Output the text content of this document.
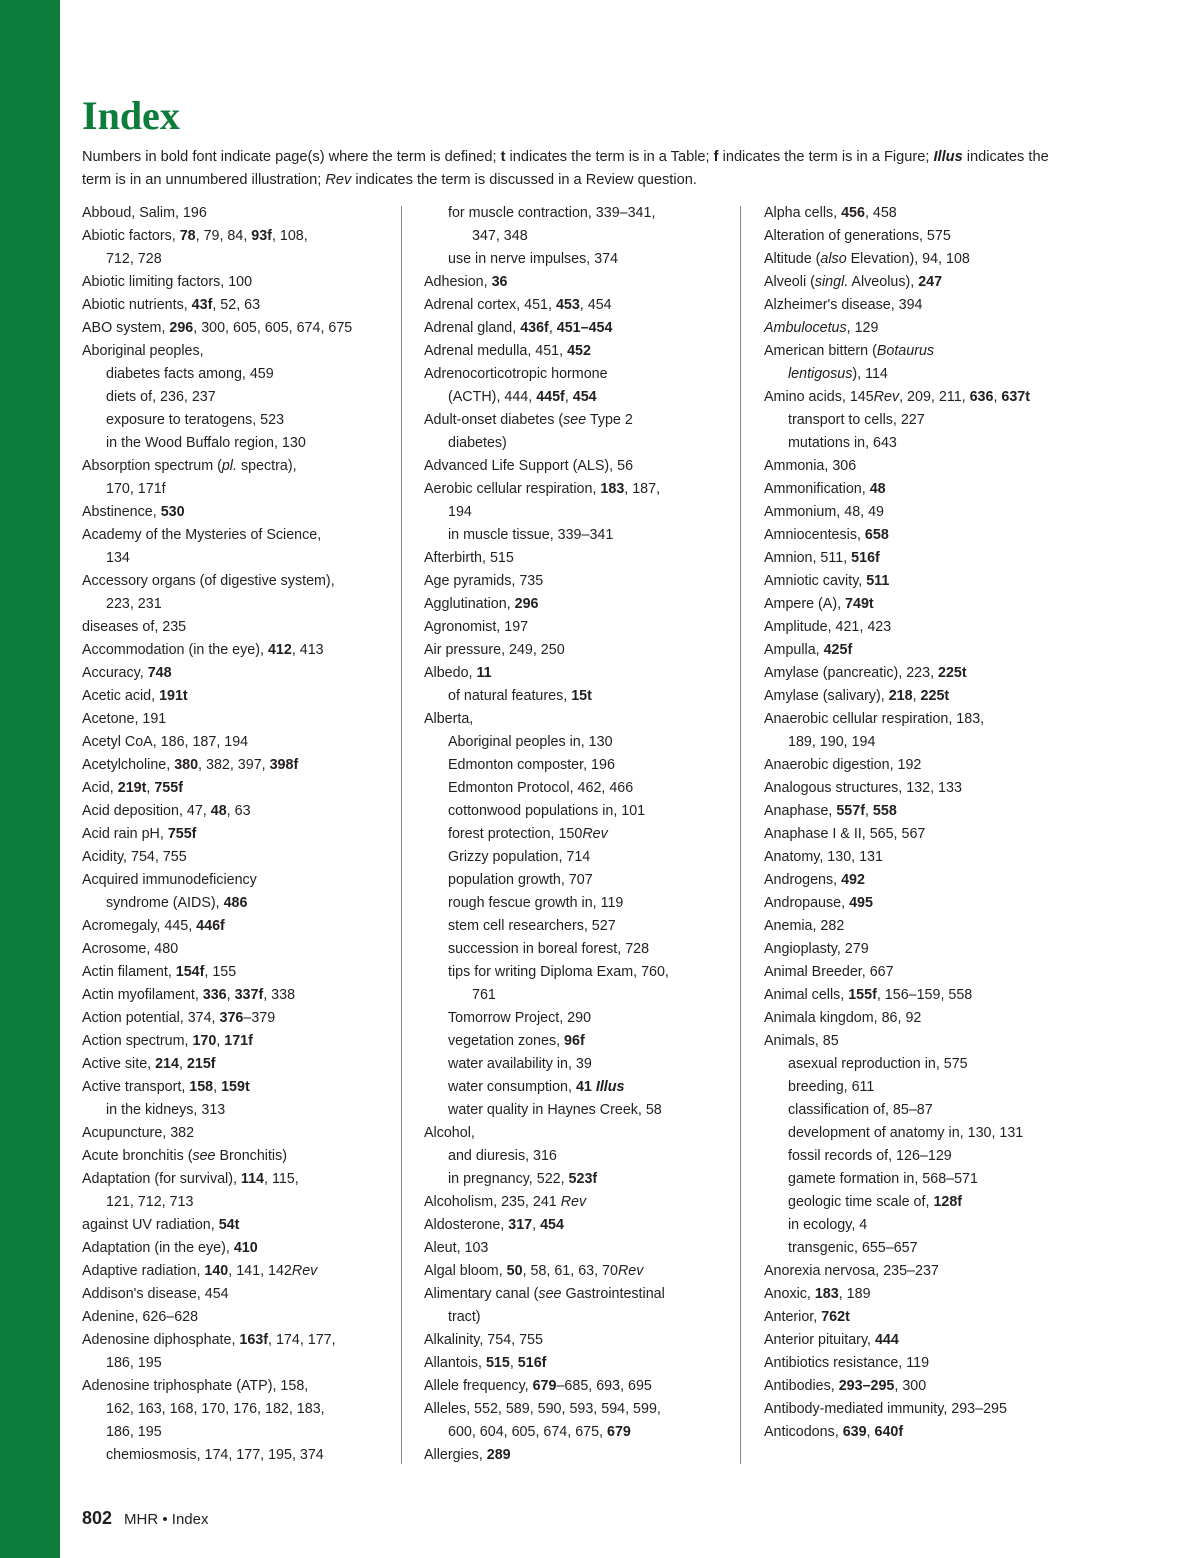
Index
Numbers in bold font indicate page(s) where the term is defined; t indicates the term is in a Table; f indicates the term is in a Figure; Illus indicates the term is in an unnumbered illustration; Rev indicates the term is discussed in a Review question.
Abboud, Salim, 196
Abiotic factors, 78, 79, 84, 93f, 108,
712, 728
Abiotic limiting factors, 100
Abiotic nutrients, 43f, 52, 63
ABO system, 296, 300, 605, 605, 674, 675
Aboriginal peoples,
diabetes facts among, 459
diets of, 236, 237
exposure to teratogens, 523
in the Wood Buffalo region, 130
Absorption spectrum (pl. spectra),
170, 171f
Abstinence, 530
Academy of the Mysteries of Science,
134
Accessory organs (of digestive system),
223, 231
diseases of, 235
Accommodation (in the eye), 412, 413
Accuracy, 748
Acetic acid, 191t
Acetone, 191
Acetyl CoA, 186, 187, 194
Acetylcholine, 380, 382, 397, 398f
Acid, 219t, 755f
Acid deposition, 47, 48, 63
Acid rain pH, 755f
Acidity, 754, 755
Acquired immunodeficiency
syndrome (AIDS), 486
Acromegaly, 445, 446f
Acrosome, 480
Actin filament, 154f, 155
Actin myofilament, 336, 337f, 338
Action potential, 374, 376–379
Action spectrum, 170, 171f
Active site, 214, 215f
Active transport, 158, 159t
in the kidneys, 313
Acupuncture, 382
Acute bronchitis (see Bronchitis)
Adaptation (for survival), 114, 115,
121, 712, 713
against UV radiation, 54t
Adaptation (in the eye), 410
Adaptive radiation, 140, 141, 142Rev
Addison's disease, 454
Adenine, 626–628
Adenosine diphosphate, 163f, 174, 177,
186, 195
Adenosine triphosphate (ATP), 158,
162, 163, 168, 170, 176, 182, 183,
186, 195
chemiosmosis, 174, 177, 195, 374
for muscle contraction, 339–341,
347, 348
use in nerve impulses, 374
Adhesion, 36
Adrenal cortex, 451, 453, 454
Adrenal gland, 436f, 451–454
Adrenal medulla, 451, 452
Adrenocorticotropic hormone
(ACTH), 444, 445f, 454
Adult-onset diabetes (see Type 2
diabetes)
Advanced Life Support (ALS), 56
Aerobic cellular respiration, 183, 187,
194
in muscle tissue, 339–341
Afterbirth, 515
Age pyramids, 735
Agglutination, 296
Agronomist, 197
Air pressure, 249, 250
Albedo, 11
of natural features, 15t
Alberta,
Aboriginal peoples in, 130
Edmonton composter, 196
Edmonton Protocol, 462, 466
cottonwood populations in, 101
forest protection, 150Rev
Grizzy population, 714
population growth, 707
rough fescue growth in, 119
stem cell researchers, 527
succession in boreal forest, 728
tips for writing Diploma Exam, 760,
761
Tomorrow Project, 290
vegetation zones, 96f
water availability in, 39
water consumption, 41 Illus
water quality in Haynes Creek, 58
Alcohol,
and diuresis, 316
in pregnancy, 522, 523f
Alcoholism, 235, 241 Rev
Aldosterone, 317, 454
Aleut, 103
Algal bloom, 50, 58, 61, 63, 70Rev
Alimentary canal (see Gastrointestinal
tract)
Alkalinity, 754, 755
Allantois, 515, 516f
Allele frequency, 679–685, 693, 695
Alleles, 552, 589, 590, 593, 594, 599,
600, 604, 605, 674, 675, 679
Allergies, 289
Alpha cells, 456, 458
Alteration of generations, 575
Altitude (also Elevation), 94, 108
Alveoli (singl. Alveolus), 247
Alzheimer's disease, 394
Ambulocetus, 129
American bittern (Botaurus
lentigosus), 114
Amino acids, 145Rev, 209, 211, 636, 637t
transport to cells, 227
mutations in, 643
Ammonia, 306
Ammonification, 48
Ammonium, 48, 49
Amniocentesis, 658
Amnion, 511, 516f
Amniotic cavity, 511
Ampere (A), 749t
Amplitude, 421, 423
Ampulla, 425f
Amylase (pancreatic), 223, 225t
Amylase (salivary), 218, 225t
Anaerobic cellular respiration, 183,
189, 190, 194
Anaerobic digestion, 192
Analogous structures, 132, 133
Anaphase, 557f, 558
Anaphase I & II, 565, 567
Anatomy, 130, 131
Androgens, 492
Andropause, 495
Anemia, 282
Angioplasty, 279
Animal Breeder, 667
Animal cells, 155f, 156–159, 558
Animala kingdom, 86, 92
Animals, 85
asexual reproduction in, 575
breeding, 611
classification of, 85–87
development of anatomy in, 130, 131
fossil records of, 126–129
gamete formation in, 568–571
geologic time scale of, 128f
in ecology, 4
transgenic, 655–657
Anorexia nervosa, 235–237
Anoxic, 183, 189
Anterior, 762t
Anterior pituitary, 444
Antibiotics resistance, 119
Antibodies, 293–295, 300
Antibody-mediated immunity, 293–295
Anticodons, 639, 640f
802 MHR • Index
